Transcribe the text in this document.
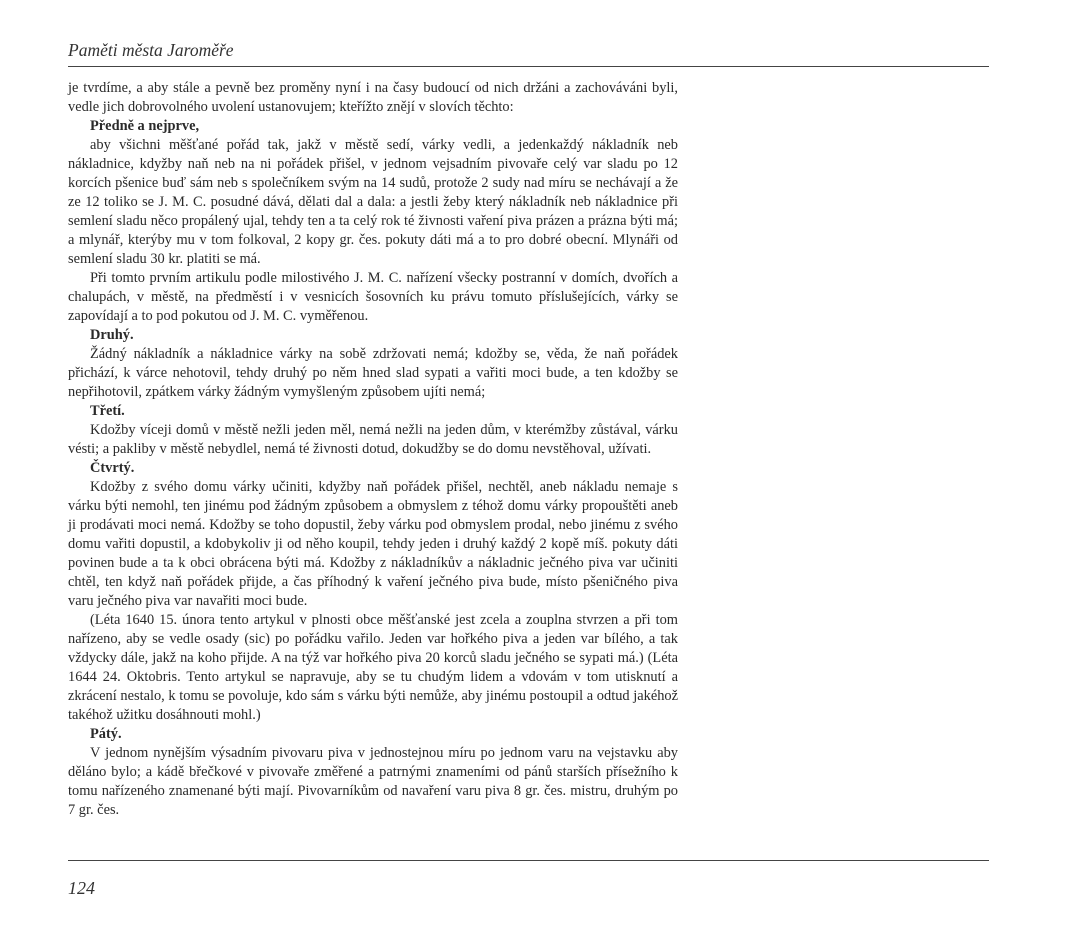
Paměti města Jaroměře

je tvrdíme, a aby stále a pevně bez proměny nyní i na časy budoucí od nich držáni a zachováváni byli, vedle jich dobrovolného uvolení ustanovujem; kteřížto znějí v slovích těchto:

Předně a nejprve,

aby všichni měšťané pořád tak, jakž v městě sedí, várky vedli, a jedenkaždý nákladník neb nákladnice, kdyžby naň neb na ni pořádek přišel, v jednom vejsadním pivovaře celý var sladu po 12 korcích pšenice buď sám neb s společníkem svým na 14 sudů, protože 2 sudy nad míru se nechávají a že ze 12 toliko se J. M. C. posudné dává, dělati dal a dala: a jestli žeby který nákladník neb nákladnice při semlení sladu něco propálený ujal, tehdy ten a ta celý rok té živnosti vaření piva prázen a prázna býti má; a mlynář, kterýby mu v tom folkoval, 2 kopy gr. čes. pokuty dáti má a to pro dobré obecní. Mlynáři od semlení sladu 30 kr. platiti se má.

Při tomto prvním artikulu podle milostivého J. M. C. nařízení všecky postranní v domích, dvořích a chalupách, v městě, na předměstí i v vesnicích šosovních ku právu tomuto příslušejících, várky se zapovídají a to pod pokutou od J. M. C. vyměřenou.

Druhý.

Žádný nákladník a nákladnice várky na sobě zdržovati nemá; kdožby se, věda, že naň pořádek přichází, k várce nehotovil, tehdy druhý po něm hned slad sypati a vařiti moci bude, a ten kdožby se nepřihotovil, zpátkem várky žádným vymyšleným způsobem ujíti nemá;

Třetí.

Kdožby víceji domů v městě nežli jeden měl, nemá nežli na jeden dům, v kterémžby zůstával, várku vésti; a pakliby v městě nebydlel, nemá té živnosti dotud, dokudžby se do domu nevstěhoval, užívati.

Čtvrtý.

Kdožby z svého domu várky učiniti, kdyžby naň pořádek přišel, nechtěl, aneb nákladu nemaje s várku býti nemohl, ten jinému pod žádným způsobem a obmyslem z téhož domu várky propouštěti aneb ji prodávati moci nemá. Kdožby se toho dopustil, žeby várku pod obmyslem prodal, nebo jinému z svého domu vařiti dopustil, a kdobykoliv ji od něho koupil, tehdy jeden i druhý každý 2 kopě míš. pokuty dáti povinen bude a ta k obci obrácena býti má. Kdožby z nákladníkův a nákladnic ječného piva var učiniti chtěl, ten když naň pořádek přijde, a čas příhodný k vaření ječného piva bude, místo pšeničného piva varu ječného piva var navařiti moci bude.

(Léta 1640 15. února tento artykul v plnosti obce měšťanské jest zcela a zouplna stvrzen a při tom nařízeno, aby se vedle osady (sic) po pořádku vařilo. Jeden var hořkého piva a jeden var bílého, a tak vždycky dále, jakž na koho přijde. A na týž var hořkého piva 20 korců sladu ječného se sypati má.) (Léta 1644 24. Oktobris. Tento artykul se napravuje, aby se tu chudým lidem a vdovám v tom utisknutí a zkrácení nestalo, k tomu se povoluje, kdo sám s várku býti nemůže, aby jinému postoupil a odtud jakéhož takéhož užitku dosáhnouti mohl.)

Pátý.

V jednom nynějším výsadním pivovaru piva v jednostejnou míru po jednom varu na vejstavku aby děláno bylo; a kádě břečkové v pivovaře změřené a patrnými znameními od pánů starších přísežního k tomu nařízeného znamenané býti mají. Pivovarníkům od navaření varu piva 8 gr. čes. mistru, druhým po 7 gr. čes.

124
